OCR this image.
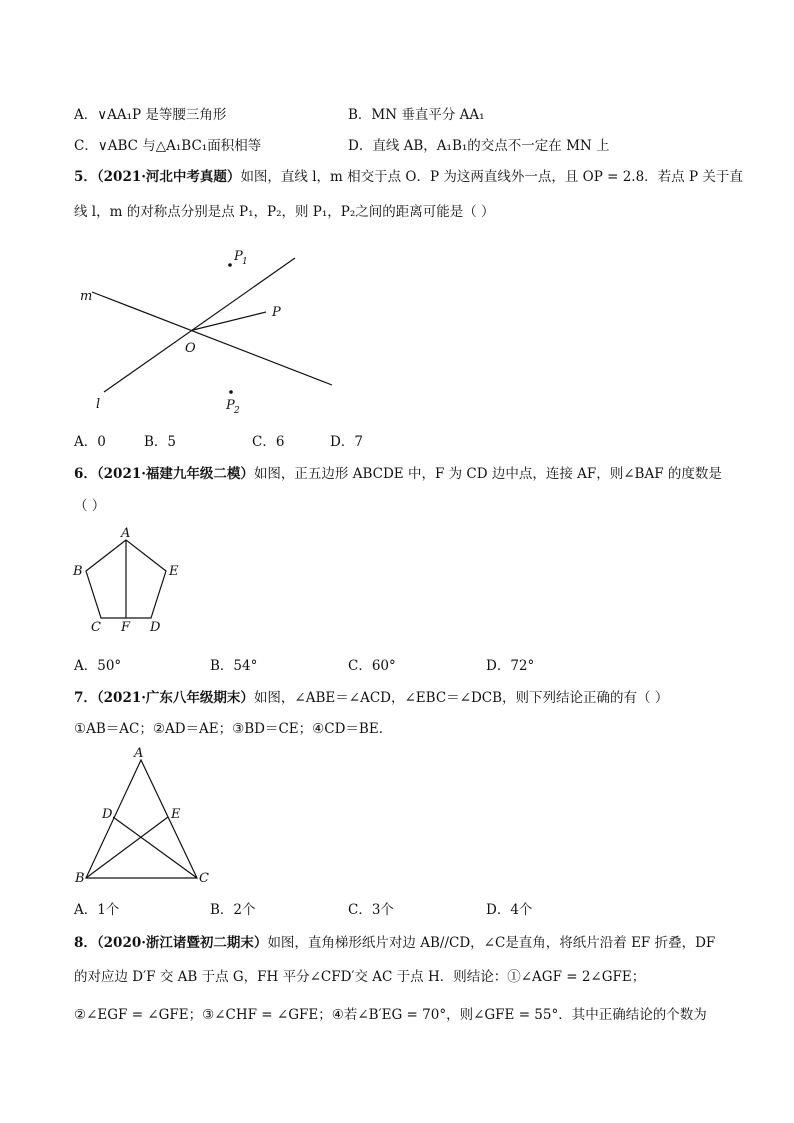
A．∨AA₁P 是等腰三角形	B．MN 垂直平分 AA₁
C．∨ABC 与△A₁BC₁面积相等	D．直线 AB，A₁B₁的交点不一定在 MN 上
5．（2021·河北中考真题）如图，直线 l，m 相交于点 O．P 为这两直线外一点，且 OP = 2.8．若点 P 关于直
线 l，m 的对称点分别是点 P₁，P₂，则 P₁，P₂之间的距离可能是（ ）
m
l
O
P
P 1
P 2
A．0	B．5	C．6	D．7
6．（2021·福建九年级二模）如图，正五边形 ABCDE 中，F 为 CD 边中点，连接 AF，则∠BAF 的度数是
（ ）
A
B	E
C F D
A．50°	B．54°	C．60°	D．72°
7．（2021·广东八年级期末）如图，∠ABE＝∠ACD，∠EBC＝∠DCB，则下列结论正确的有（ ）
①AB＝AC；②AD＝AE；③BD＝CE；④CD＝BE．
A
D	E
B	C
A．1个	B．2个	C．3个	D．4个
8．（2020·浙江诸暨初二期末）如图，直角梯形纸片对边 AB//CD，∠C是直角，将纸片沿着 EF 折叠，DF
的对应边 D′F 交 AB 于点 G，FH 平分∠CFD′交 AC 于点 H．则结论：①∠AGF = 2∠GFE；
②∠EGF = ∠GFE；③∠CHF = ∠GFE；④若∠B′EG = 70°，则∠GFE = 55°．其中正确结论的个数为
